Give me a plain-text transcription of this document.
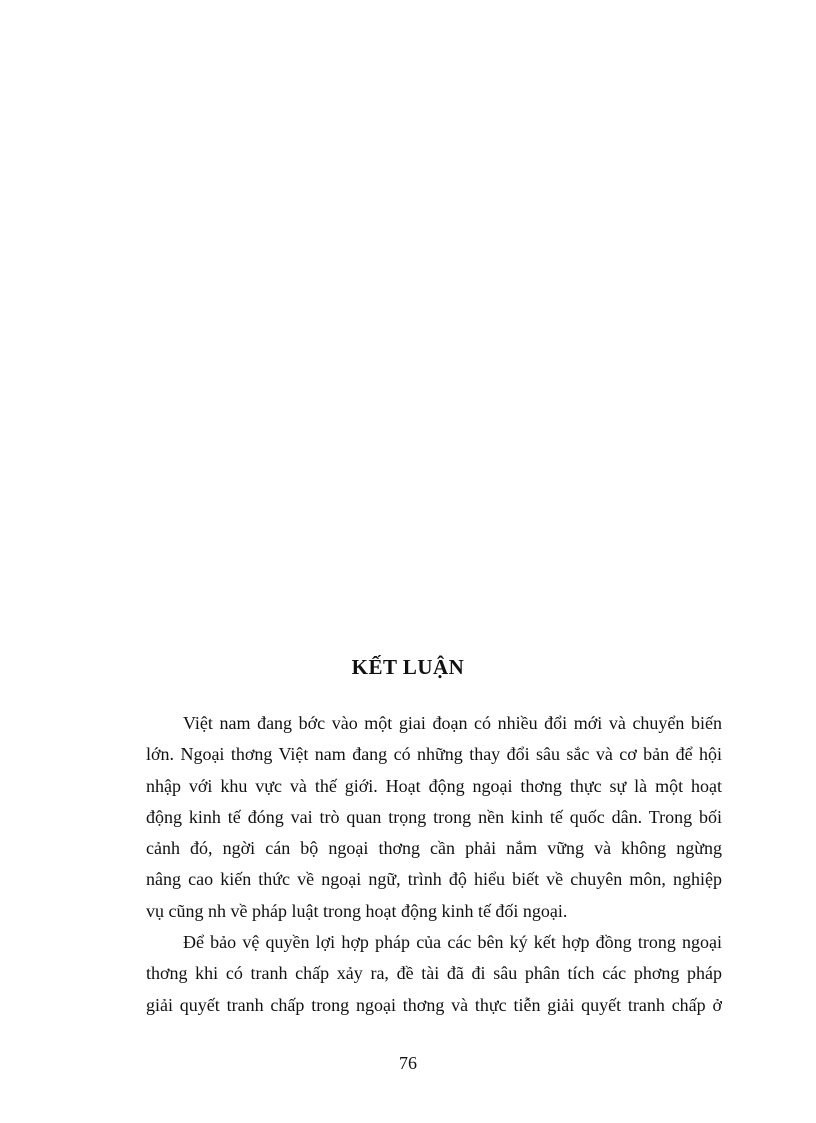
KẾT LUẬN
Việt nam đang bớc vào một giai đoạn có nhiều đổi mới và chuyển biến
lớn. Ngoại thơng Việt nam đang có những thay đổi sâu sắc và cơ bản để hội
nhập với khu vực và thế giới. Hoạt động ngoại thơng thực sự là một hoạt
động kinh tế đóng vai trò quan trọng trong nền kinh tế quốc dân. Trong bối
cảnh đó, ngời cán bộ ngoại thơng cần phải nắm vững và không ngừng
nâng cao kiến thức về ngoại ngữ, trình độ hiểu biết về chuyên môn, nghiệp
vụ cũng nh về pháp luật trong hoạt động kinh tế đối ngoại.
Để bảo vệ quyền lợi hợp pháp của các bên ký kết hợp đồng trong ngoại
thơng khi có tranh chấp xảy ra, đề tài đã đi sâu phân tích các phơng pháp
giải quyết tranh chấp trong ngoại thơng và thực tiễn giải quyết tranh chấp ở
76
